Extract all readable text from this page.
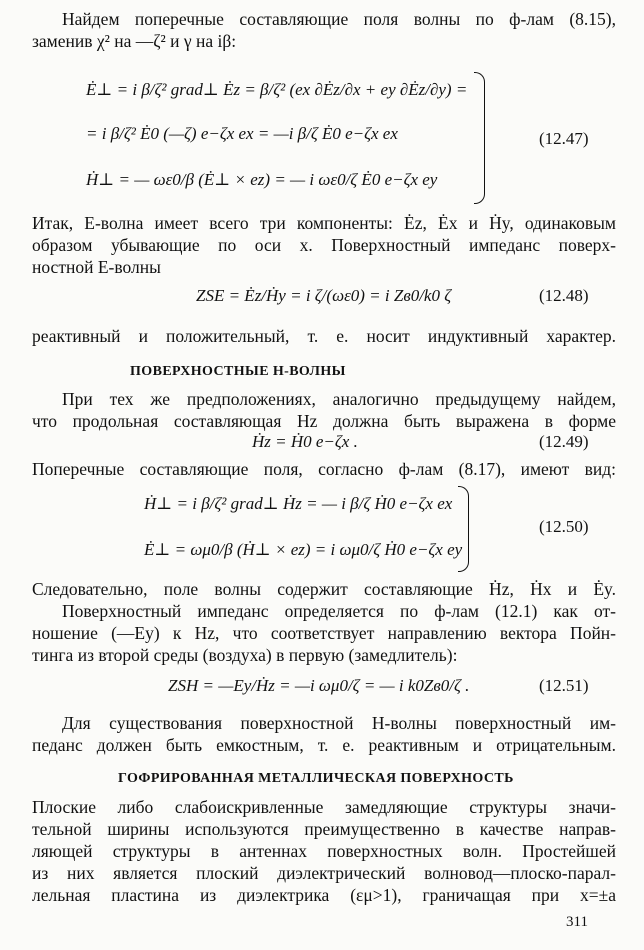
Найдем поперечные составляющие поля волны по ф-лам (8.15),
заменив χ² на —ζ² и γ на iβ:
Ė⊥ = i β/ζ² grad⊥ Ėz = β/ζ² (ex ∂Ėz/∂x + ey ∂Ėz/∂y) =
= i β/ζ² Ė0 (—ζ) e−ζx ex = —i β/ζ Ė0 e−ζx ex
Ḣ⊥ = — ωε0/β (Ė⊥ × ez) = — i ωε0/ζ Ė0 e−ζx ey
(12.47)
Итак, E-волна имеет всего три компоненты: Ėz, Ėx и Ḣy, одинаковым
образом убывающие по оси x. Поверхностный импеданс поверх-
ностной E-волны
ZSE = Ėz/Ḣy = i ζ/(ωε0) = i Zв0/k0 ζ	(12.48)
реактивный и положительный, т. е. носит индуктивный характер.
ПОВЕРХНОСТНЫЕ H-ВОЛНЫ
При тех же предположениях, аналогично предыдущему найдем,
что продольная составляющая Hz должна быть выражена в форме
Ḣz = Ḣ0 e−ζx .	(12.49)
Поперечные составляющие поля, согласно ф-лам (8.17), имеют вид:
Ḣ⊥ = i β/ζ² grad⊥ Ḣz = — i β/ζ Ḣ0 e−ζx ex
Ė⊥ = ωμ0/β (Ḣ⊥ × ez) = i ωμ0/ζ Ḣ0 e−ζx ey
(12.50)
Следовательно, поле волны содержит составляющие Ḣz, Ḣx и Ėy.
Поверхностный импеданс определяется по ф-лам (12.1) как от-
ношение (—Ey) к Hz, что соответствует направлению вектора Пойн-
тинга из второй среды (воздуха) в первую (замедлитель):
ZSH = —Ey/Ḣz = —i ωμ0/ζ = — i k0Zв0/ζ .	(12.51)
Для существования поверхностной H-волны поверхностный им-
педанс должен быть емкостным, т. е. реактивным и отрицательным.
ГОФРИРОВАННАЯ МЕТАЛЛИЧЕСКАЯ ПОВЕРХНОСТЬ
Плоские либо слабоискривленные замедляющие структуры значи-
тельной ширины используются преимущественно в качестве направ-
ляющей структуры в антеннах поверхностных волн. Простейшей
из них является плоский диэлектрический волновод—плоско-парал-
лельная пластина из диэлектрика (εμ>1), граничащая при x=±a
311
